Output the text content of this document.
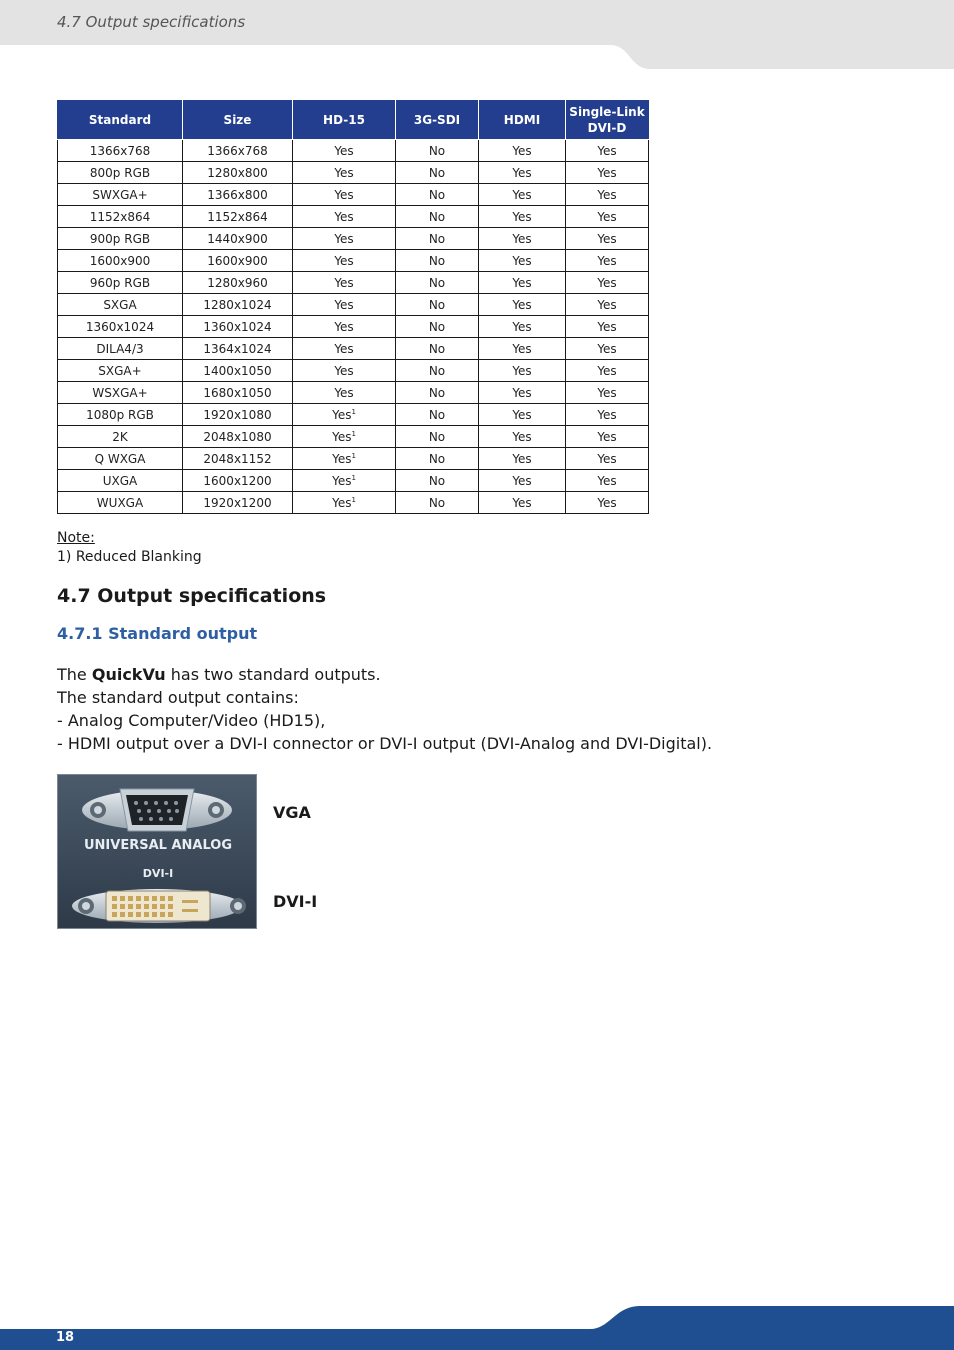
4.7 Output specifications
Standard	Size	HD-15	3G-SDI	HDMI	Single-Link
DVI-D
1366x768	1366x768	Yes	No	Yes	Yes
800p RGB	1280x800	Yes	No	Yes	Yes
SWXGA+	1366x800	Yes	No	Yes	Yes
1152x864	1152x864	Yes	No	Yes	Yes
900p RGB	1440x900	Yes	No	Yes	Yes
1600x900	1600x900	Yes	No	Yes	Yes
960p RGB	1280x960	Yes	No	Yes	Yes
SXGA	1280x1024	Yes	No	Yes	Yes
1360x1024	1360x1024	Yes	No	Yes	Yes
DILA4/3	1364x1024	Yes	No	Yes	Yes
SXGA+	1400x1050	Yes	No	Yes	Yes
WSXGA+	1680x1050	Yes	No	Yes	Yes
1080p RGB	1920x1080	Yes$^1$	No	Yes	Yes
2K	2048x1080	Yes$^1$	No	Yes	Yes
Q WXGA	2048x1152	Yes$^1$	No	Yes	Yes
UXGA	1600x1200	Yes$^1$	No	Yes	Yes
WUXGA	1920x1200	Yes$^1$	No	Yes	Yes
Note:
1) Reduced Blanking
4.7 Output specifications
4.7.1 Standard output
The QuickVu has two standard outputs.
The standard output contains:
- Analog Computer/Video (HD15),
- HDMI output over a DVI-I connector or DVI-I output (DVI-Analog and DVI-Digital).
UNIVERSAL ANALOG
DVI-I
VGA
DVI-I
18
